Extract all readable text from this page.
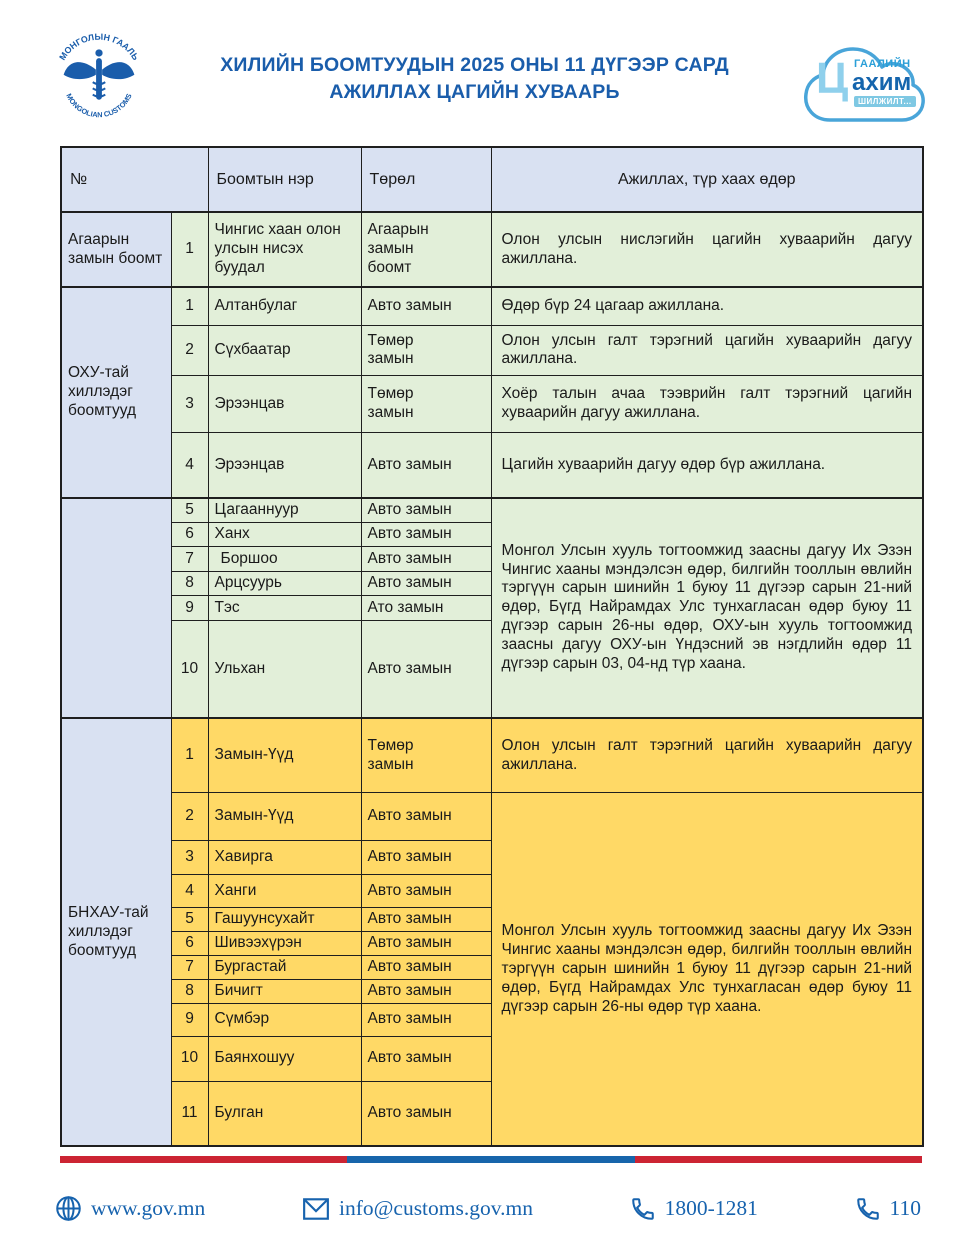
МОНГОЛЫН ГААЛЬ
MONGOLIAN CUSTOMS
ХИЛИЙН БООМТУУДЫН 2025 ОНЫ 11 ДҮГЭЭР САРД
АЖИЛЛАХ ЦАГИЙН ХУВААРЬ	Ц ГААЛИЙН
ахим
ШИЛЖИЛТ...
№		Боомтын нэр	Төрөл	Ажиллах, түр хаах өдөр
Агаарын замын боомт	1	Чингис хаан олон улсын нисэх буудал	Агаарын замын боомт	Олон улсын нислэгийн цагийн хуваарийн дагуу ажиллана.
ОХУ-тай хиллэдэг боомтууд	1	Алтанбулаг	Авто замын	Өдөр бүр 24 цагаар ажиллана.
	2	Сүхбаатар	Төмөр замын	Олон улсын галт тэрэгний цагийн хуваарийн дагуу ажиллана.
	3	Эрээнцав	Төмөр замын	Хоёр талын ачаа тээврийн галт тэрэгний цагийн хуваарийн дагуу ажиллана.
	4	Эрээнцав	Авто замын	Цагийн хуваарийн дагуу өдөр бүр ажиллана.
	5	Цагааннуур	Авто замын	Монгол Улсын хууль тогтоомжид заасны дагуу Их Эзэн Чингис хааны мэндэлсэн өдөр, билгийн тооллын өвлийн тэргүүн сарын шинийн 1 буюу 11 дүгээр сарын 21-ний өдөр, Бүгд Найрамдах Улс тунхагласан өдөр буюу 11 дүгээр сарын 26-ны өдөр, ОХУ-ын хууль тогтоомжид заасны дагуу ОХУ-ын Үндэсний эв нэгдлийн өдөр 11 дүгээр сарын 03, 04-нд түр хаана.
	6	Ханх	Авто замын	
	7	Боршоо	Авто замын	
	8	Арцсуурь	Авто замын	
	9	Тэс	Ато замын	
	10	Ульхан	Авто замын	
БНХАУ-тай хиллэдэг боомтууд	1	Замын-Үүд	Төмөр замын	Олон улсын галт тэрэгний цагийн хуваарийн дагуу ажиллана.
	2	Замын-Үүд	Авто замын	Монгол Улсын хууль тогтоомжид заасны дагуу Их Эзэн Чингис хааны мэндэлсэн өдөр, билгийн тооллын өвлийн тэргүүн сарын шинийн 1 буюу 11 дүгээр сарын 21-ний өдөр, Бүгд Найрамдах Улс тунхагласан өдөр буюу 11 дүгээр сарын 26-ны өдөр түр хаана.
	3	Хавирга	Авто замын	
	4	Ханги	Авто замын	
	5	Гашуунсухайт	Авто замын	
	6	Шивээхүрэн	Авто замын	
	7	Бургастай	Авто замын	
	8	Бичигт	Авто замын	
	9	Сүмбэр	Авто замын	
	10	Баянхошуу	Авто замын	
	11	Булган	Авто замын	
www.gov.mn	info@customs.gov.mn	1800-1281	110
